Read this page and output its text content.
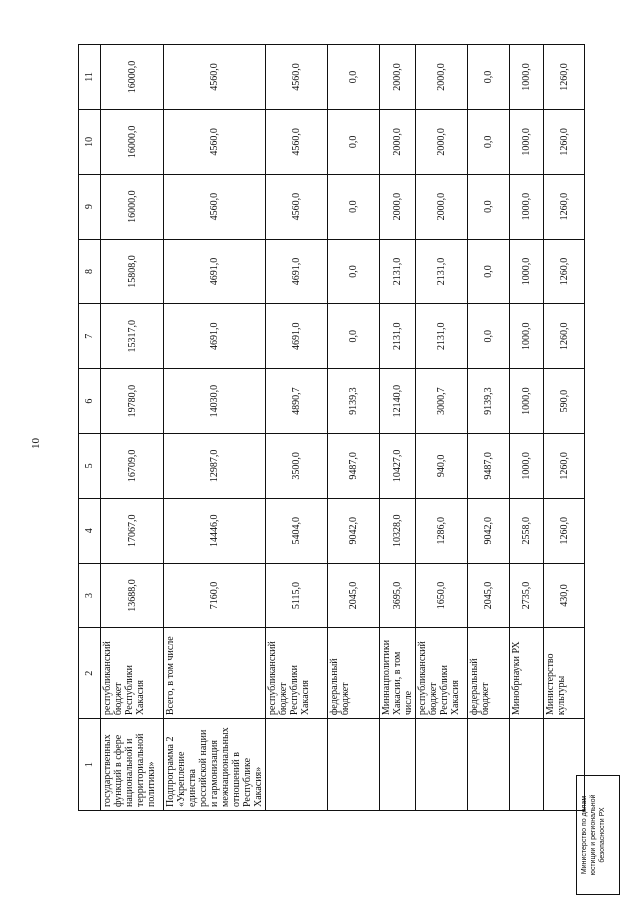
10
1	2	3	4	5	6	7	8	9	10	11
государственных функций в сфере национальной и территориальной политики»	республиканский бюджет Республики Хакасия	13688,0	17067,0	16709,0	19780,0	15317,0	15808,0	16000,0	16000,0	16000,0
Подпрограмма 2 «Укрепление единства российской нации и гармонизация межнациональных отношений в Республике Хакасия»	Всего, в том числе	7160,0	14446,0	12987,0	14030,0	4691,0	4691,0	4560,0	4560,0	4560,0
	республиканский бюджет Республики Хакасия	5115,0	5404,0	3500,0	4890,7	4691,0	4691,0	4560,0	4560,0	4560,0
	федеральный бюджет	2045,0	9042,0	9487,0	9139,3	0,0	0,0	0,0	0,0	0,0
	Миннацполитики Хакасии, в том числе	3695,0	10328,0	10427,0	12140,0	2131,0	2131,0	2000,0	2000,0	2000,0
	республиканский бюджет Республики Хакасия	1650,0	1286,0	940,0	3000,7	2131,0	2131,0	2000,0	2000,0	2000,0
	федеральный бюджет	2045,0	9042,0	9487,0	9139,3	0,0	0,0	0,0	0,0	0,0
	Минобрнауки РХ	2735,0	2558,0	1000,0	1000,0	1000,0	1000,0	1000,0	1000,0	1000,0
	Министерство культуры	430,0	1260,0	1260,0	590,0	1260,0	1260,0	1260,0	1260,0	1260,0
Министерство по делам юстиции и региональной безопасности РХ
